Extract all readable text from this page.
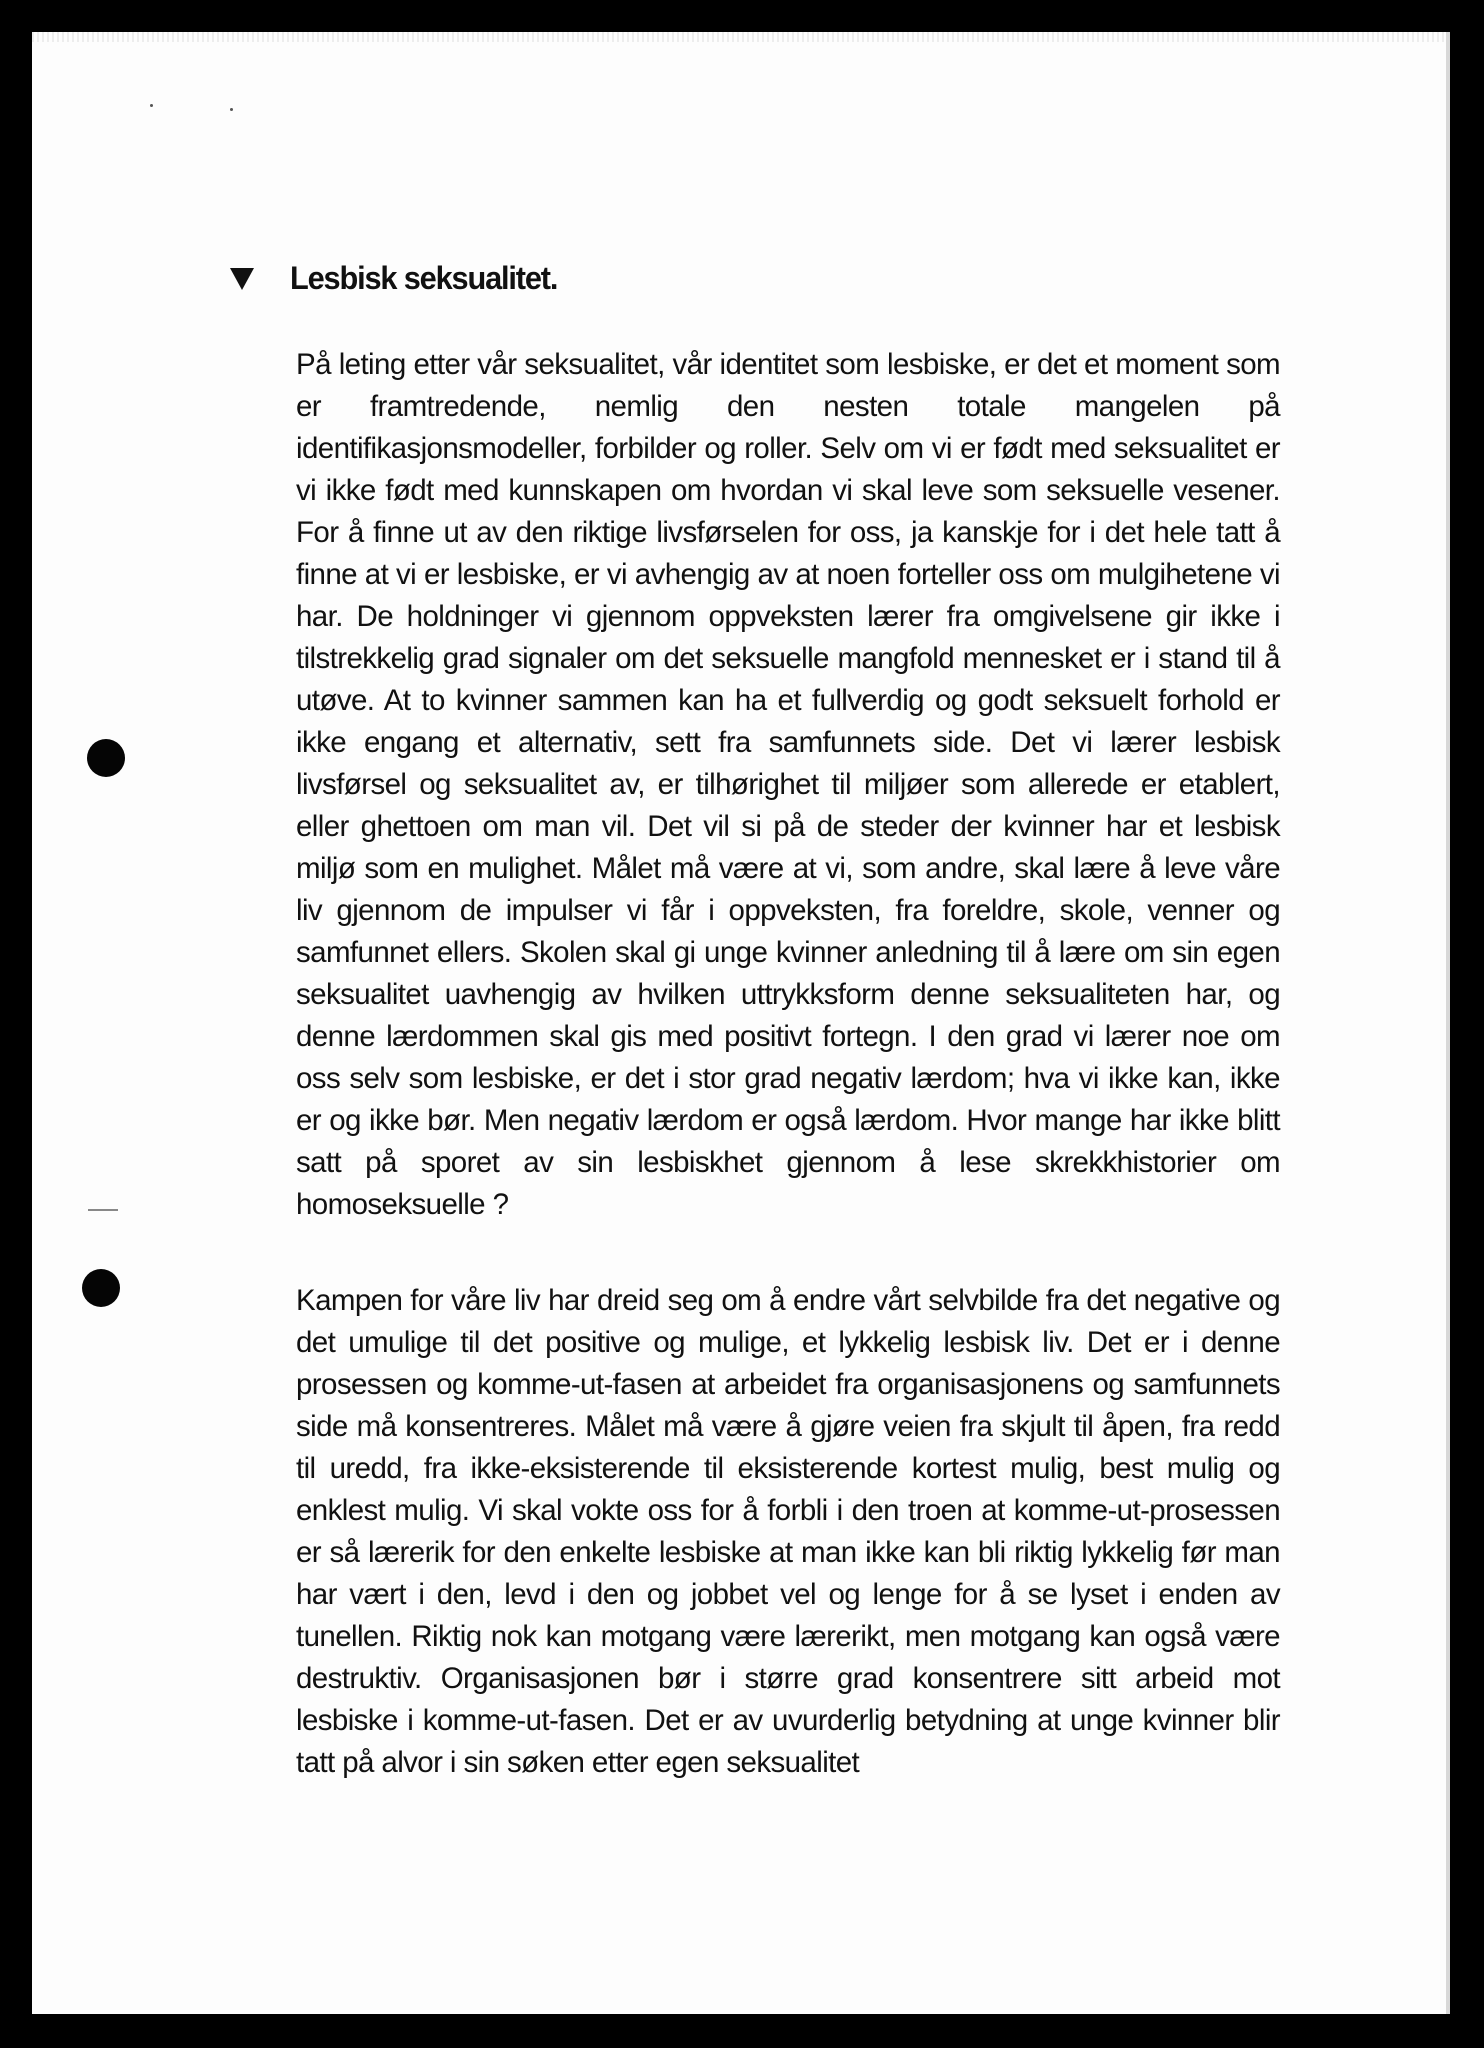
Lesbisk seksualitet.

På leting etter vår seksualitet, vår identitet som lesbiske, er det et moment som er framtredende, nemlig den nesten totale mangelen på identifikasjonsmodeller, forbilder og roller. Selv om vi er født med seksualitet er vi ikke født med kunnskapen om hvordan vi skal leve som seksuelle vesener. For å finne ut av den riktige livsførselen for oss, ja kanskje for i det hele tatt å finne at vi er lesbiske, er vi avhengig av at noen forteller oss om mulgihetene vi har. De holdninger vi gjennom oppveksten lærer fra omgivelsene gir ikke i tilstrekkelig grad signaler om det seksuelle mangfold mennesket er i stand til å utøve. At to kvinner sammen kan ha et fullverdig og godt seksuelt forhold er ikke engang et alternativ, sett fra samfunnets side. Det vi lærer lesbisk livsførsel og seksualitet av, er tilhørighet til miljøer som allerede er etablert, eller ghettoen om man vil. Det vil si på de steder der kvinner har et lesbisk miljø som en mulighet. Målet må være at vi, som andre, skal lære å leve våre liv gjennom de impulser vi får i oppveksten, fra foreldre, skole, venner og samfunnet ellers. Skolen skal gi unge kvinner anledning til å lære om sin egen seksualitet uavhengig av hvilken uttrykksform denne seksualiteten har, og denne lærdommen skal gis med positivt fortegn. I den grad vi lærer noe om oss selv som lesbiske, er det i stor grad negativ lærdom; hva vi ikke kan, ikke er og ikke bør. Men negativ lærdom er også lærdom. Hvor mange har ikke blitt satt på sporet av sin lesbiskhet gjennom å lese skrekkhistorier om homoseksuelle ?

Kampen for våre liv har dreid seg om å endre vårt selvbilde fra det negative og det umulige til det positive og mulige, et lykkelig lesbisk liv. Det er i denne prosessen og komme-ut-fasen at arbeidet fra organisasjonens og samfunnets side må konsentreres. Målet må være å gjøre veien fra skjult til åpen, fra redd til uredd, fra ikke-eksisterende til eksisterende kortest mulig, best mulig og enklest mulig. Vi skal vokte oss for å forbli i den troen at komme-ut-prosessen er så lærerik for den enkelte lesbiske at man ikke kan bli riktig lykkelig før man har vært i den, levd i den og jobbet vel og lenge for å se lyset i enden av tunellen. Riktig nok kan motgang være lærerikt, men motgang kan også være destruktiv. Organisasjonen bør i større grad konsentrere sitt arbeid mot lesbiske i komme-ut-fasen. Det er av uvurderlig betydning at unge kvinner blir tatt på alvor i sin søken etter egen seksualitet
